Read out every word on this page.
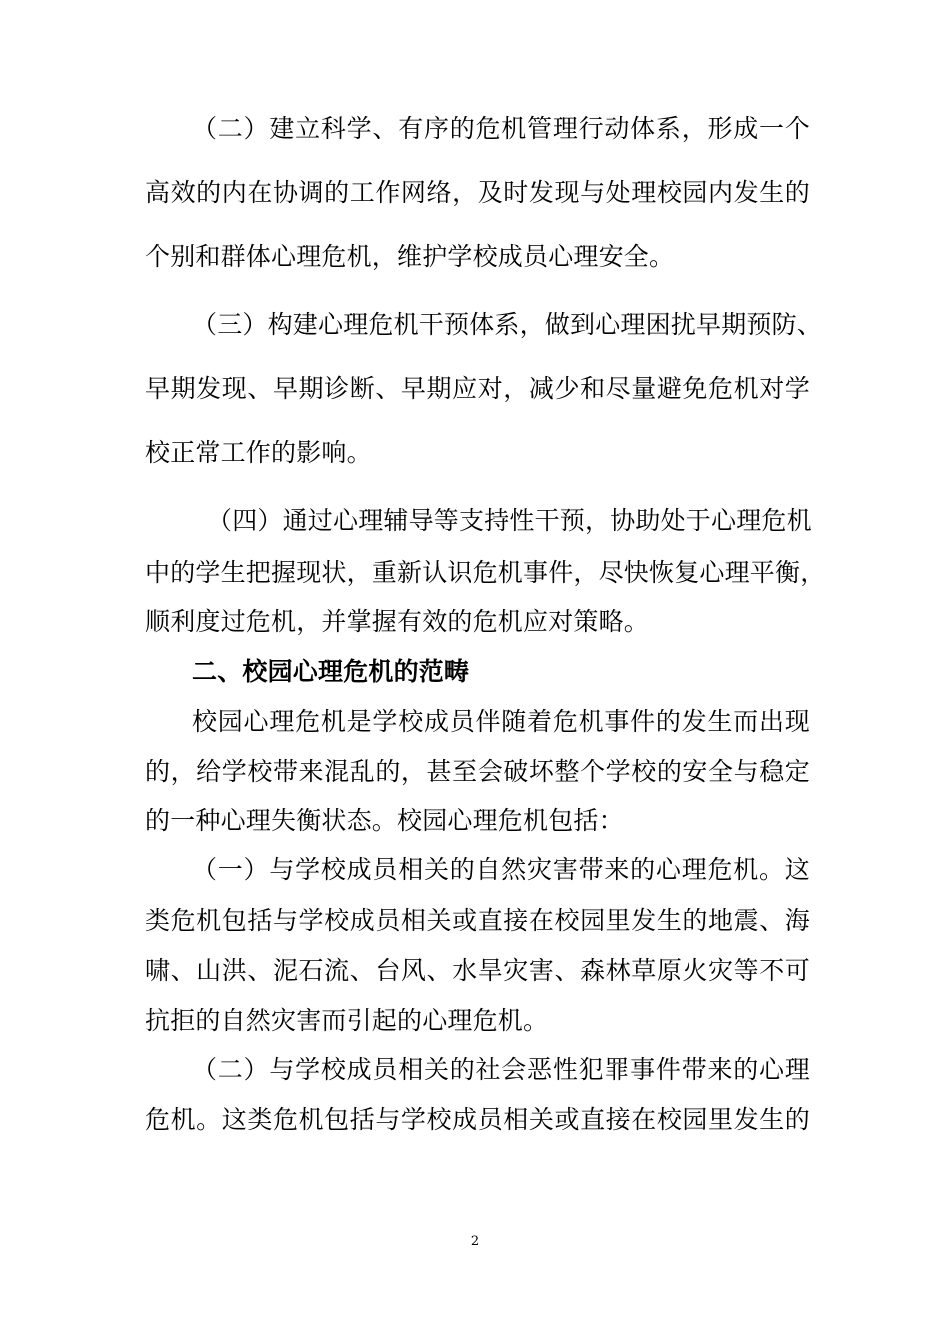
（二）建立科学、有序的危机管理行动体系，形成一个
高效的内在协调的工作网络，及时发现与处理校园内发生的
个别和群体心理危机，维护学校成员心理安全。
（三）构建心理危机干预体系，做到心理困扰早期预防、
早期发现、早期诊断、早期应对，减少和尽量避免危机对学
校正常工作的影响。
（四）通过心理辅导等支持性干预，协助处于心理危机
中的学生把握现状，重新认识危机事件，尽快恢复心理平衡，
顺利度过危机，并掌握有效的危机应对策略。
二、校园心理危机的范畴
校园心理危机是学校成员伴随着危机事件的发生而出现
的，给学校带来混乱的，甚至会破坏整个学校的安全与稳定
的一种心理失衡状态。校园心理危机包括：
（一）与学校成员相关的自然灾害带来的心理危机。这
类危机包括与学校成员相关或直接在校园里发生的地震、海
啸、山洪、泥石流、台风、水旱灾害、森林草原火灾等不可
抗拒的自然灾害而引起的心理危机。
（二）与学校成员相关的社会恶性犯罪事件带来的心理
危机。这类危机包括与学校成员相关或直接在校园里发生的
2
